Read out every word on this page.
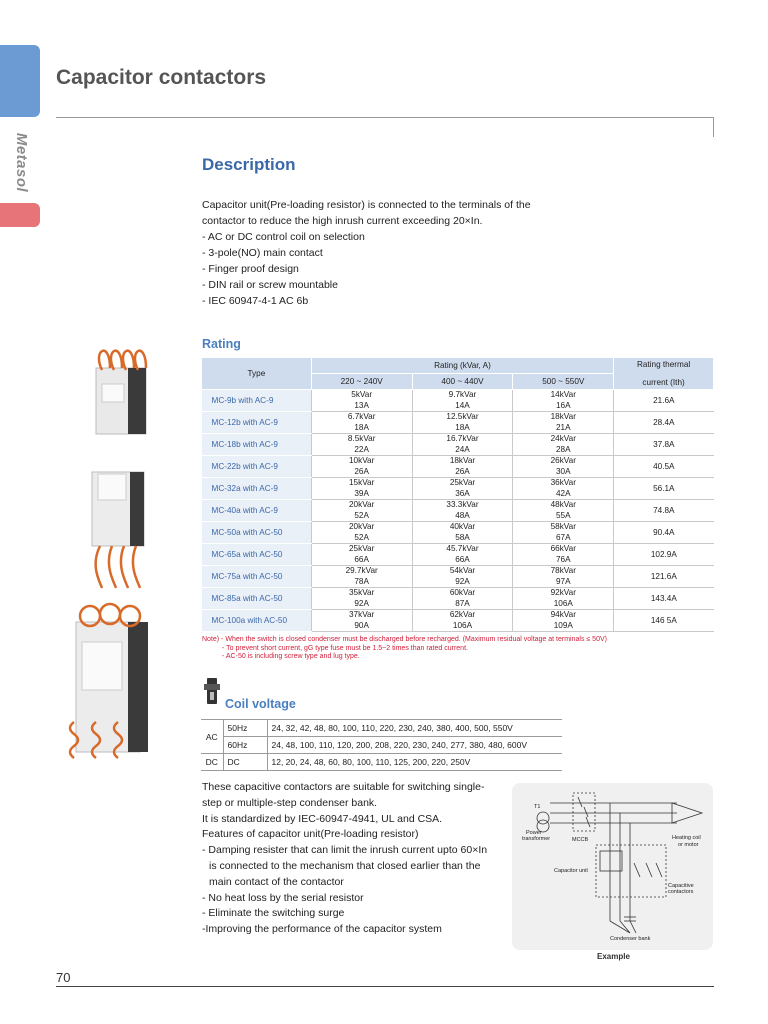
Metasol
Capacitor contactors
Description
Capacitor unit(Pre-loading resistor) is connected to the terminals of the
contactor to reduce the high inrush current exceeding 20×In.
- AC or DC control coil on selection
- 3-pole(NO) main contact
- Finger proof design
- DIN rail or screw mountable
- IEC 60947-4-1 AC 6b
Rating
Type	Rating (kVar, A)			Rating thermal

current (Ith)
	220 ~ 240V	400 ~ 440V	500 ~ 550V	
MC-9b with AC-9	5kVar	9.7kVar	14kVar	21.6A
	13A	14A	16A	
MC-12b with AC-9	6.7kVar	12.5kVar	18kVar	28.4A
	18A	18A	21A	
MC-18b with AC-9	8.5kVar	16.7kVar	24kVar	37.8A
	22A	24A	28A	
MC-22b with AC-9	10kVar	18kVar	26kVar	40.5A
	26A	26A	30A	
MC-32a with AC-9	15kVar	25kVar	36kVar	56.1A
	39A	36A	42A	
MC-40a with AC-9	20kVar	33.3kVar	48kVar	74.8A
	52A	48A	55A	
MC-50a with AC-50	20kVar	40kVar	58kVar	90.4A
	52A	58A	67A	
MC-65a with AC-50	25kVar	45.7kVar	66kVar	102.9A
	66A	66A	76A	
MC-75a with AC-50	29.7kVar	54kVar	78kVar	121.6A
	78A	92A	97A	
MC-85a with AC-50	35kVar	60kVar	92kVar	143.4A
	92A	87A	106A	
MC-100a with AC-50	37kVar	62kVar	94kVar	146 5A
	90A	106A	109A	
Note) - When the switch is closed condenser must be discharged before recharged. (Maximum residual voltage at terminals ≤ 50V)
- To prevent short current, gG type fuse must be 1.5~2 times than rated current.
- AC-50 is including screw type and lug type.
Coil voltage
AC	50Hz	24, 32, 42, 48, 80, 100, 110, 220, 230, 240, 380, 400, 500, 550V
	60Hz	24, 48, 100, 110, 120, 200, 208, 220, 230, 240, 277, 380, 480, 600V
DC	DC	12, 20, 24, 48, 60, 80, 100, 110, 125, 200, 220, 250V
These capacitive contactors are suitable for switching single-
step or multiple-step condenser bank.
It is standardized by IEC-60947-4941, UL and CSA.
Features of capacitor unit(Pre-loading resistor)
- Damping resister that can limit the inrush current upto 60×In
is connected to the mechanism that closed earlier than the
main contact of the contactor
- No heat loss by the serial resistor
- Eliminate the switching surge
-Improving the performance of the capacitor system
T1
Power
transformer	MCCB	Heating coil
or motor
Capacitor unit
Capacitive
contactors
Condenser bank
Example
70
